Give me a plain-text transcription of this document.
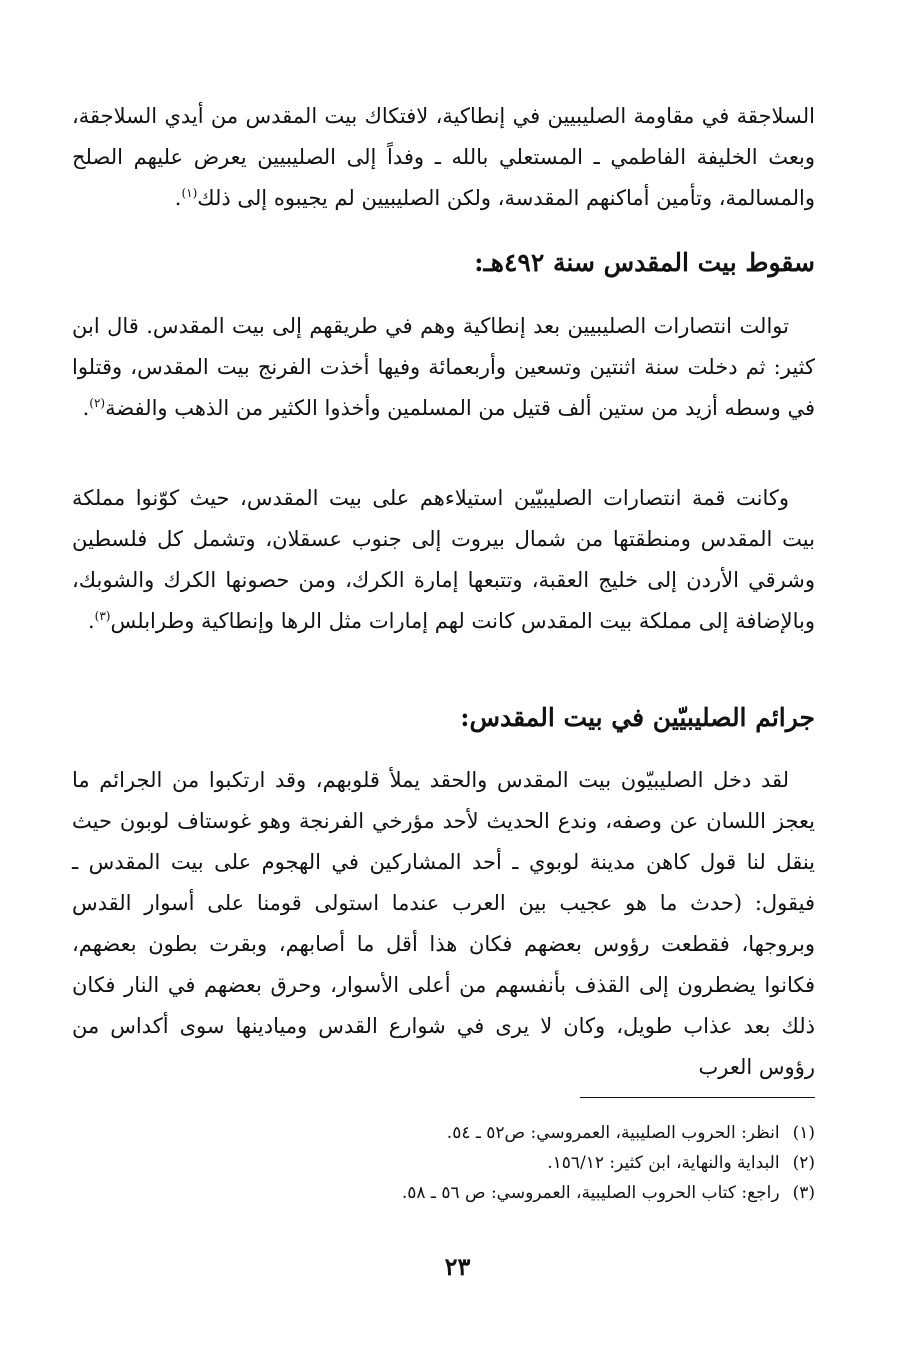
السلاجقة في مقاومة الصليبيين في إنطاكية، لافتكاك بيت المقدس من أيدي السلاجقة، وبعث الخليفة الفاطمي ـ المستعلي بالله ـ وفداً إلى الصليبيين يعرض عليهم الصلح والمسالمة، وتأمين أماكنهم المقدسة، ولكن الصليبيين لم يجيبوه إلى ذلك$^{(١)}$.

سقوط بيت المقدس سنة ٤٩٢هـ:

توالت انتصارات الصليبيين بعد إنطاكية وهم في طريقهم إلى بيت المقدس. قال ابن كثير: ثم دخلت سنة اثنتين وتسعين وأربعمائة وفيها أخذت الفرنج بيت المقدس، وقتلوا في وسطه أزيد من ستين ألف قتيل من المسلمين وأخذوا الكثير من الذهب والفضة$^{(٢)}$.

وكانت قمة انتصارات الصليبيّين استيلاءهم على بيت المقدس، حيث كوّنوا مملكة بيت المقدس ومنطقتها من شمال بيروت إلى جنوب عسقلان، وتشمل كل فلسطين وشرقي الأردن إلى خليج العقبة، وتتبعها إمارة الكرك، ومن حصونها الكرك والشوبك، وبالإضافة إلى مملكة بيت المقدس كانت لهم إمارات مثل الرها وإنطاكية وطرابلس$^{(٣)}$.

جرائم الصليبيّين في بيت المقدس:

لقد دخل الصليبيّون بيت المقدس والحقد يملأ قلوبهم، وقد ارتكبوا من الجرائم ما يعجز اللسان عن وصفه، وندع الحديث لأحد مؤرخي الفرنجة وهو غوستاف لوبون حيث ينقل لنا قول كاهن مدينة لوبوي ـ أحد المشاركين في الهجوم على بيت المقدس ـ فيقول: (حدث ما هو عجيب بين العرب عندما استولى قومنا على أسوار القدس وبروجها، فقطعت رؤوس بعضهم فكان هذا أقل ما أصابهم، وبقرت بطون بعضهم، فكانوا يضطرون إلى القذف بأنفسهم من أعلى الأسوار، وحرق بعضهم في النار فكان ذلك بعد عذاب طويل، وكان لا يرى في شوارع القدس وميادينها سوى أكداس من رؤوس العرب

(١) انظر: الحروب الصليبية، العمروسي: ص٥٢ ـ ٥٤.
(٢) البداية والنهاية، ابن كثير: ١٥٦/١٢.
(٣) راجع: كتاب الحروب الصليبية، العمروسي: ص ٥٦ ـ ٥٨.
٢٣
